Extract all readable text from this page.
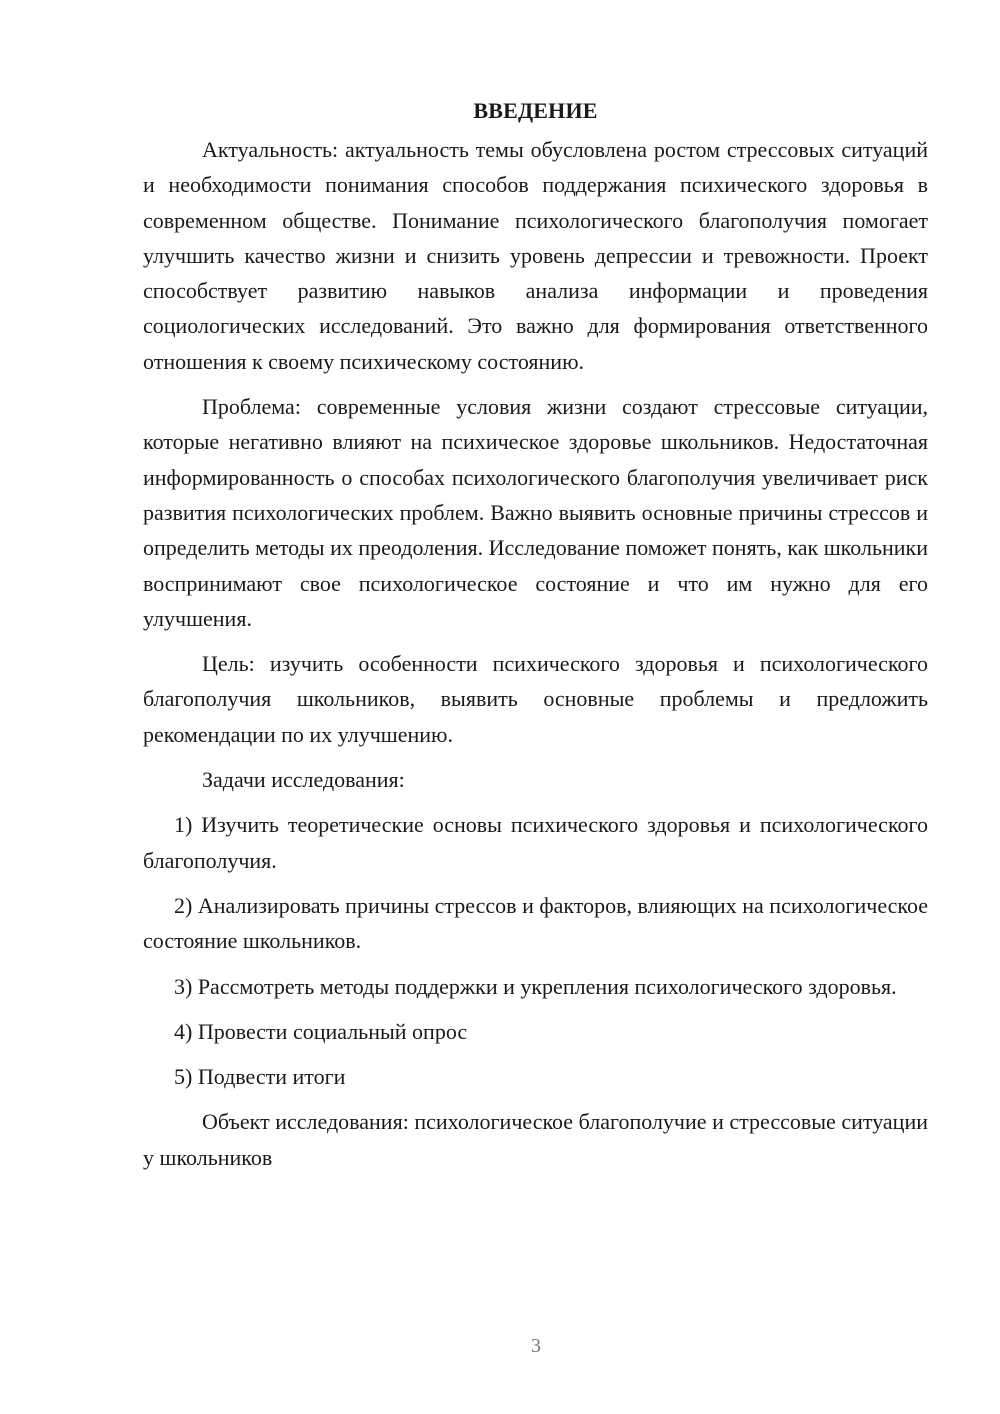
ВВЕДЕНИЕ

Актуальность: актуальность темы обусловлена ростом стрессовых ситуаций и необходимости понимания способов поддержания психического здоровья в современном обществе. Понимание психологического благополучия помогает улучшить качество жизни и снизить уровень депрессии и тревожности. Проект способствует развитию навыков анализа информации и проведения социологических исследований. Это важно для формирования ответственного отношения к своему психическому состоянию.

Проблема: современные условия жизни создают стрессовые ситуации, которые негативно влияют на психическое здоровье школьников. Недостаточная информированность о способах психологического благополучия увеличивает риск развития психологических проблем. Важно выявить основные причины стрессов и определить методы их преодоления. Исследование поможет понять, как школьники воспринимают свое психологическое состояние и что им нужно для его улучшения.

Цель: изучить особенности психического здоровья и психологического благополучия школьников, выявить основные проблемы и предложить рекомендации по их улучшению.

Задачи исследования:

1) Изучить теоретические основы психического здоровья и психологического благополучия.

2) Анализировать причины стрессов и факторов, влияющих на психологическое состояние школьников.

3) Рассмотреть методы поддержки и укрепления психологического здоровья.

4) Провести социальный опрос

5) Подвести итоги

Объект исследования: психологическое благополучие и стрессовые ситуации у школьников

3
